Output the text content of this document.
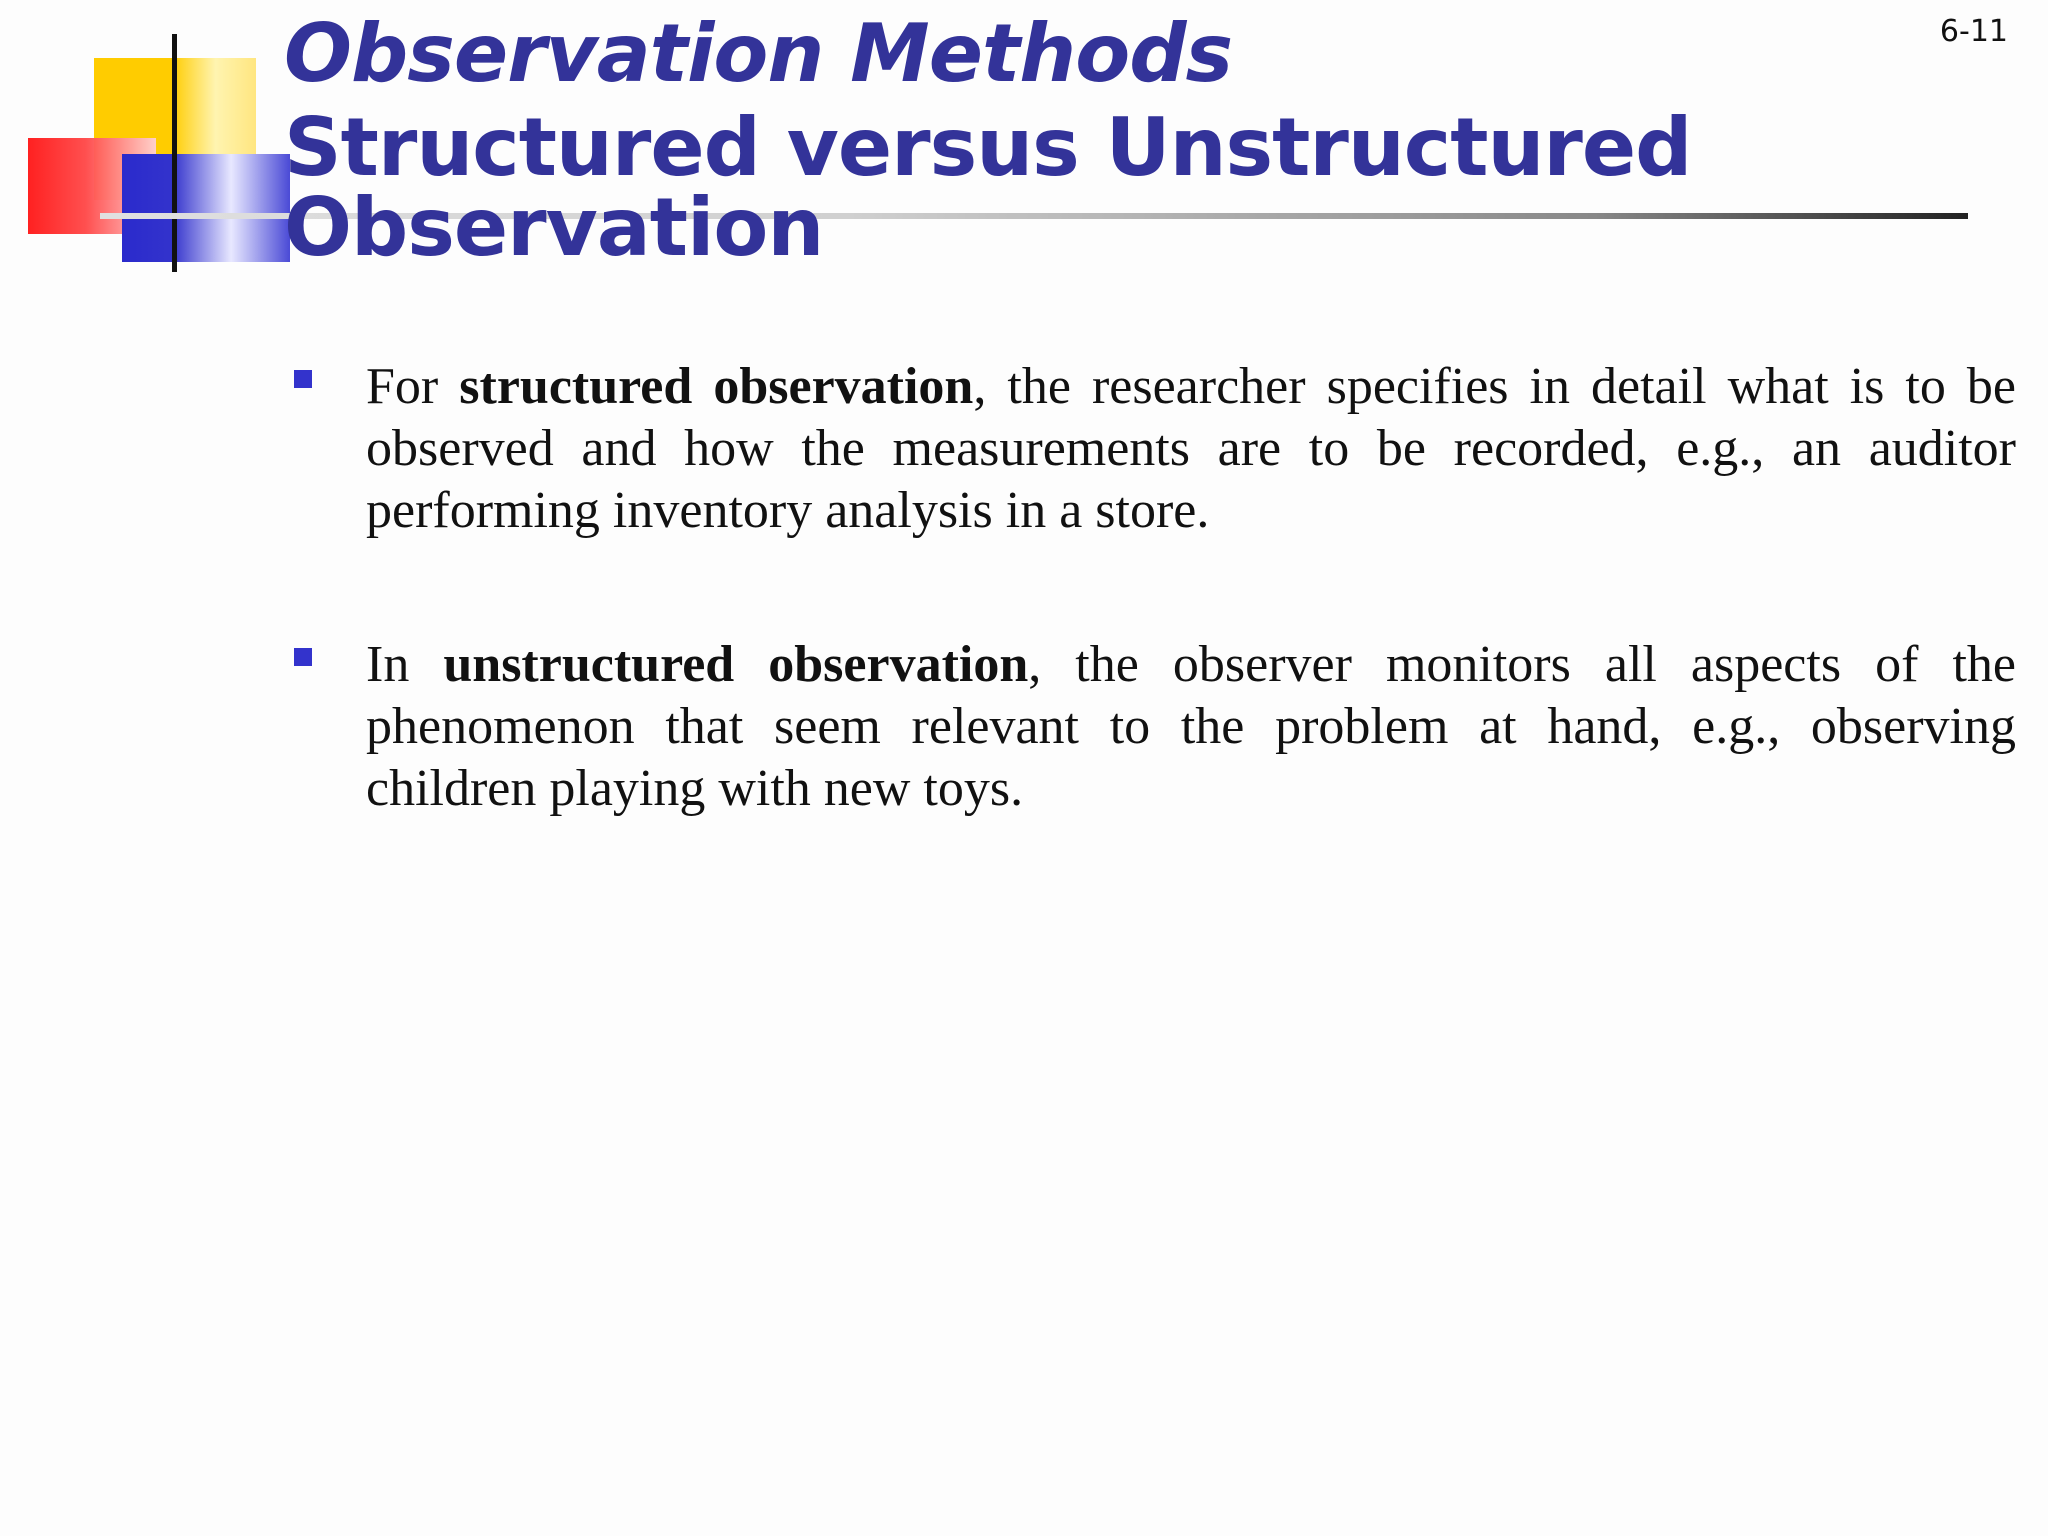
6-11
Observation Methods
Structured versus Unstructured Observation
For structured observation, the researcher specifies in detail what is to be observed and how the measurements are to be recorded, e.g., an auditor performing inventory analysis in a store.
In unstructured observation, the observer monitors all aspects of the phenomenon that seem relevant to the problem at hand, e.g., observing children playing with new toys.
